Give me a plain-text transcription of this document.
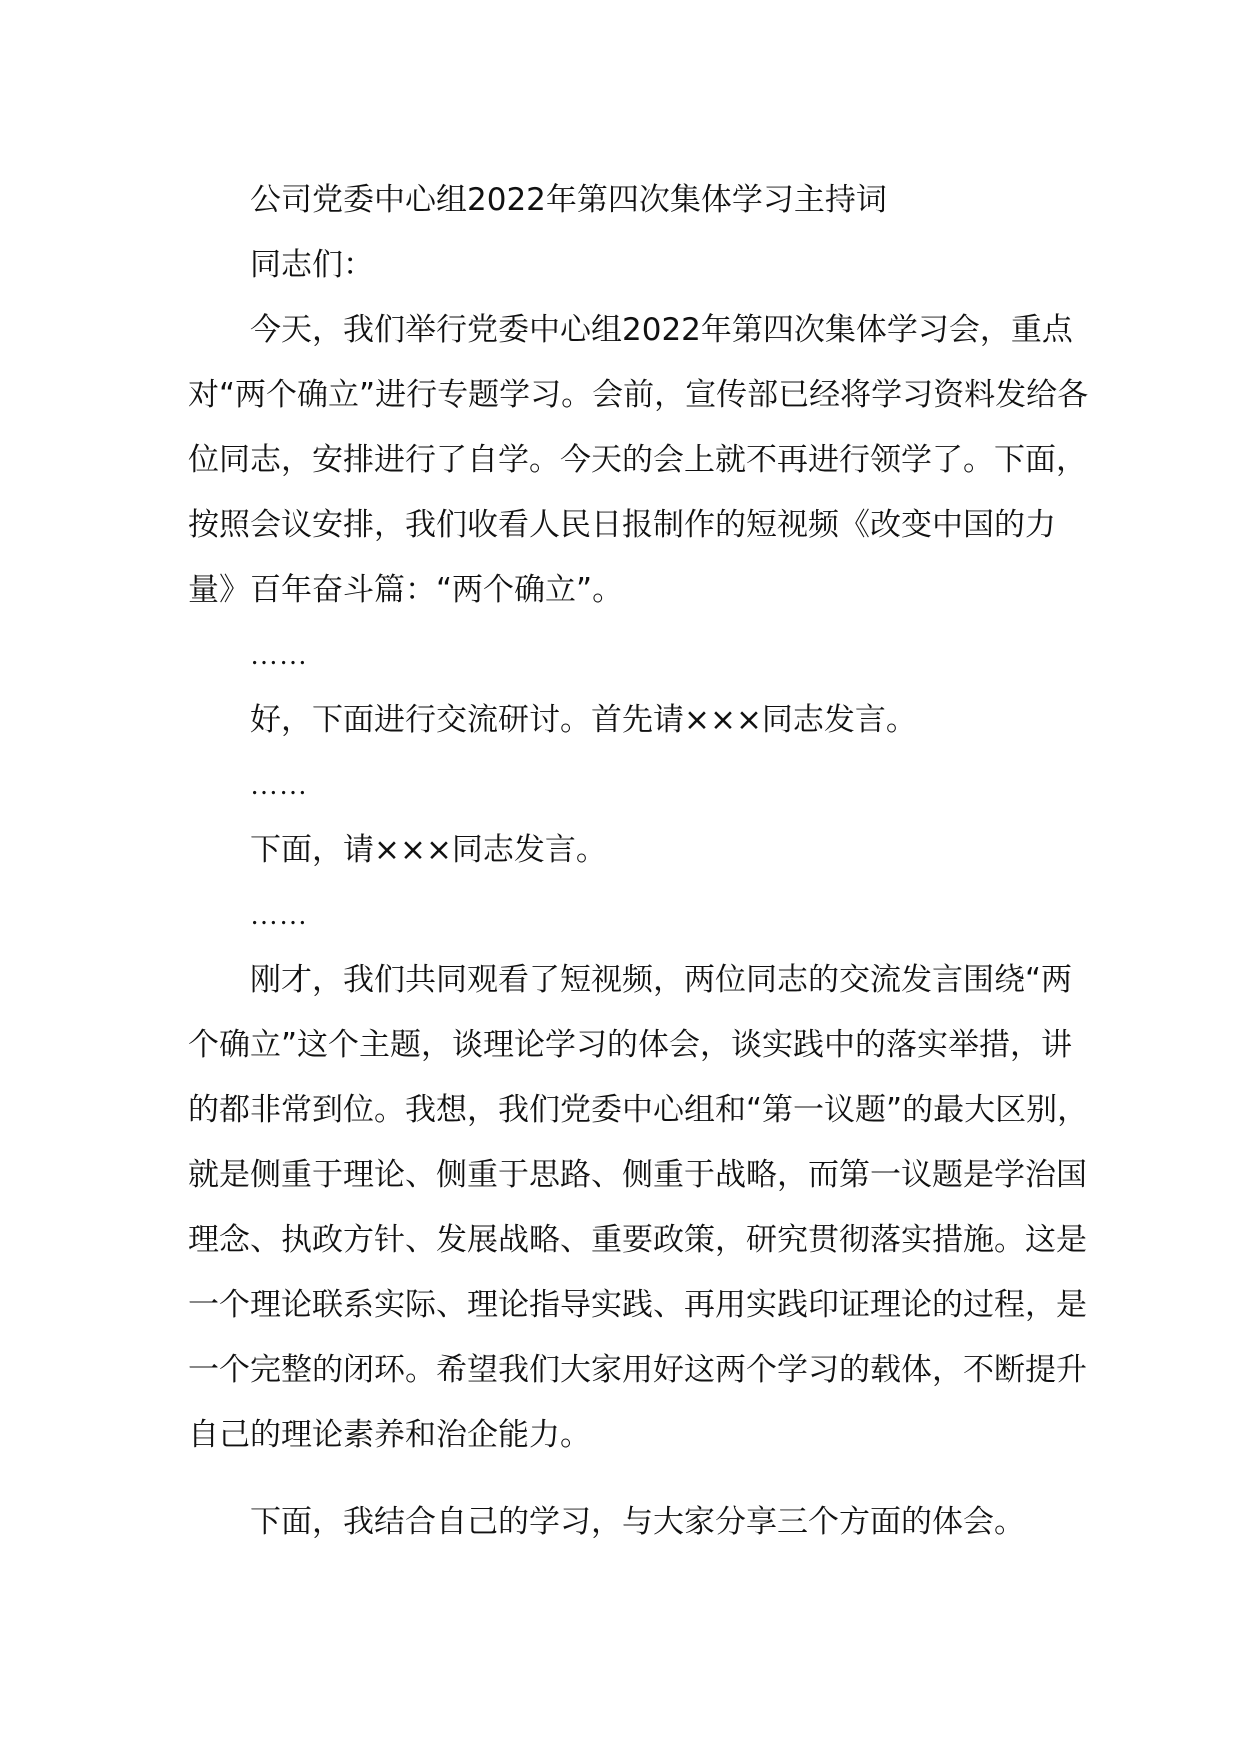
公司党委中心组2022年第四次集体学习主持词

同志们：

今天，我们举行党委中心组2022年第四次集体学习会，重点对“两个确立”进行专题学习。会前，宣传部已经将学习资料发给各位同志，安排进行了自学。今天的会上就不再进行领学了。下面，按照会议安排，我们收看人民日报制作的短视频《改变中国的力量》百年奋斗篇：“两个确立”。

……

好，下面进行交流研讨。首先请×××同志发言。

……

下面，请×××同志发言。

……

刚才，我们共同观看了短视频，两位同志的交流发言围绕“两个确立”这个主题，谈理论学习的体会，谈实践中的落实举措，讲的都非常到位。我想，我们党委中心组和“第一议题”的最大区别，就是侧重于理论、侧重于思路、侧重于战略，而第一议题是学治国理念、执政方针、发展战略、重要政策，研究贯彻落实措施。这是一个理论联系实际、理论指导实践、再用实践印证理论的过程，是一个完整的闭环。希望我们大家用好这两个学习的载体，不断提升自己的理论素养和治企能力。

下面，我结合自己的学习，与大家分享三个方面的体会。
